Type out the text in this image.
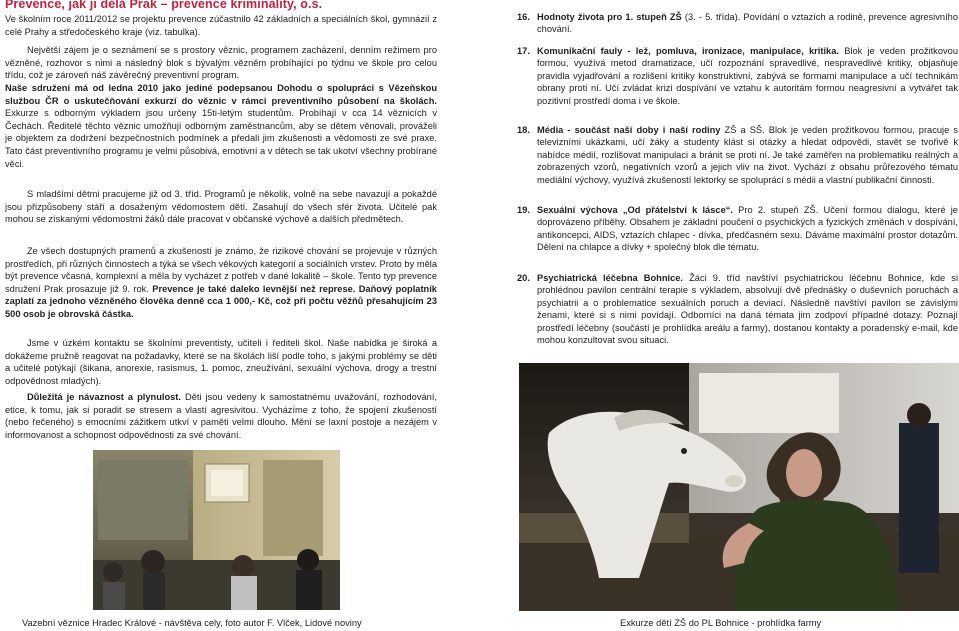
Prevence, jak ji dělá Prak – prevence kriminality, o.s.

Ve školním roce 2011/2012 se projektu prevence zúčastnilo 42 základních a speciálních škol, gymnázií z celé Prahy a středočeského kraje (viz. tabulka).

Největší zájem je o seznámení se s prostory věznic, programem zacházení, denním režimem pro vězněné, rozhovor s nimi a následný blok s bývalým vězněm probíhající po týdnu ve škole pro celou třídu, což je zároveň náš závěrečný preventivní program.

Naše sdružení má od ledna 2010 jako jediné podepsanou Dohodu o spolupráci s Vězeňskou službou ČR o uskutečňování exkurzí do věznic v rámci preventivního působení na školách. Exkurze s odborným výkladem jsou určeny 15ti-letým studentům. Probíhají v cca 14 věznicích v Čechách. Ředitelé těchto věznic umožňují odborným zaměstnancům, aby se dětem věnovali, prováželi je objektem za dodržení bezpečnostních podmínek a předali jim zkušenosti a vědomosti ze své praxe. Tato část preventivního programu je velmi působivá, emotivní a v dětech se tak ukotví všechny probírané věci.

S mladšími dětmi pracujeme již od 3. tříd. Programů je několik, volně na sebe navazují a pokaždé jsou přizpůsobeny stáří a dosaženým vědomostem dětí. Zasahují do všech sfér života. Učitelé pak mohou se získanými vědomostmi žáků dále pracovat v občanské výchově a dalších předmětech.

Ze všech dostupných pramenů a zkušeností je známo, že rizikové chování se projevuje v různých prostředích, při různých činnostech a týká se všech věkových kategorií a sociálních vrstev. Proto by měla být prevence včasná, komplexní a měla by vycházet z potřeb v dané lokalitě – škole. Tento typ prevence sdružení Prak prosazuje již 9. rok. Prevence je také daleko levnější než represe. Daňový poplatník zaplatí za jednoho vězněného člověka denně cca 1 000,- Kč, což při počtu věžňů přesahujícím 23 500 osob je obrovská částka.

Jsme v úzkém kontaktu se školními preventisty, učiteli i řediteli škol. Naše nabídka je široká a dokážeme pružně reagovat na požadavky, které se na školách liší podle toho, s jakými problémy se děti a učitelé potýkají (šikana, anorexie, rasismus, 1. pomoc, zneužívání, sexuální výchova, drogy a trestní odpovědnost mladých).

Důležitá je návaznost a plynulost. Děti jsou vedeny k samostatnému uvažování, rozhodování, etice, k tomu, jak si poradit se stresem a vlastí agresivitou. Vycházíme z toho, že spojení zkušeností (nebo řečeného) s emocními zážitkem utkví v paměti velmi dlouho. Mění se laxní postoje a nezájem v informovanost a schopnost odpovědnosti za své chování.

Vazební věznice Hradec Králové - návštěva cely, foto autor F. Vlček, Lidové noviny
16. Hodnoty života pro 1. stupeň ZŠ (3. - 5. třída). Povídání o vztazích a rodině, prevence agresivního chování.
17. Komunikační fauly - lež, pomluva, ironizace, manipulace, kritika. Blok je veden prožitkovou formou, využívá metod dramatizace, učí rozpoznání spravedlivé, nespravedlivé kritiky, objasňuje pravidla vyjadřování a rozlišení kritiky konstruktivní, zabývá se formami manipulace a učí technikám obrany proti ní. Učí zvládat krizi dospívání ve vztahu k autoritám formou neagresivní a vytvářet tak pozitivní prostředí doma i ve škole.
18. Média - součást naší doby i naší rodiny ZŠ a SŠ. Blok je veden prožitkovou formou, pracuje s televizními ukázkami, učí žáky a studenty klást si otázky a hledat odpovědi, stavět se tvořivě k nabídce médií, rozlišovat manipulaci a bránit se proti ní. Je také zaměřen na problematiku reálných a zobrazených vzorů, negativních vzorů a jejich vliv na život. Vychází z obsahu průřezového tématu mediální výchovy, využívá zkušeností lektorky se spoluprácí s médii a vlastní publikační činnosti.
19. Sexuální výchova „Od přátelství k lásce“. Pro 2. stupeň ZŠ. Učení formou dialogu, které je doprovázeno příběhy. Obsahem je základní poučení o psychických a fyzických změnách v dospívání, antikoncepci, AIDS, vztazích chlapec - dívka, předčasném sexu. Dáváme maximální prostor dotazům. Dělení na chlapce a dívky + společný blok dle tématu.
20. Psychiatrická léčebna Bohnice. Žáci 9. tříd navštíví psychiatrickou léčebnu Bohnice, kde si prohlédnou pavilon centrální terapie s výklad​em, absolvují dvě přednášky o duševních poruchách a psychiatrii a o problematice sexuálních poruch a deviací. Následně navštíví pavilon se závislými ženami, které si s nimi povídají. Odborníci na daná témata jim zodpoví případné dotazy. Poznají prostředí léčebny (součástí je prohlídka areálu a farmy), dostanou kontakty a poradenský e-mail, kde mohou konzultovat svou situaci.
Exkurze dětí ZŠ do PL Bohnice - prohlídka farmy
